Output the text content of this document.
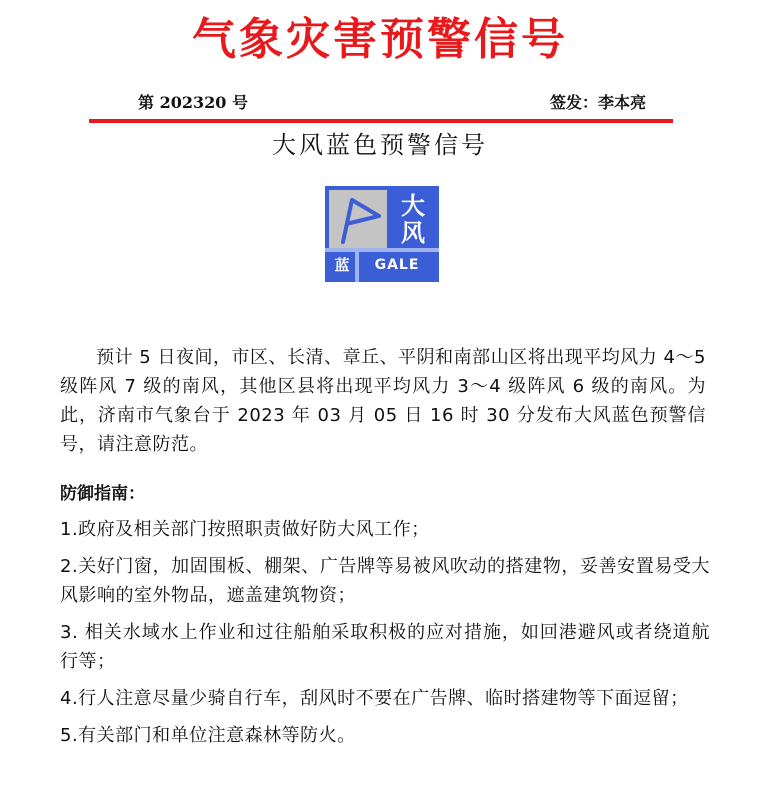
气象灾害预警信号
第 202320 号	签发：李本亮
大风蓝色预警信号
大
风
蓝	GALE

预计 5 日夜间，市区、长清、章丘、平阴和南部山区将出现平均风力 4～5 级阵风 7 级的南风，其他区县将出现平均风力 3～4 级阵风 6 级的南风。为此，济南市气象台于 2023 年 03 月 05 日 16 时 30 分发布大风蓝色预警信号，请注意防范。

防御指南：
1.政府及相关部门按照职责做好防大风工作；
2.关好门窗，加固围板、棚架、广告牌等易被风吹动的搭建物，妥善安置易受大风影响的室外物品，遮盖建筑物资；
3. 相关水域水上作业和过往船舶采取积极的应对措施，如回港避风或者绕道航行等；
4.行人注意尽量少骑自行车，刮风时不要在广告牌、临时搭建物等下面逗留；
5.有关部门和单位注意森林等防火。
